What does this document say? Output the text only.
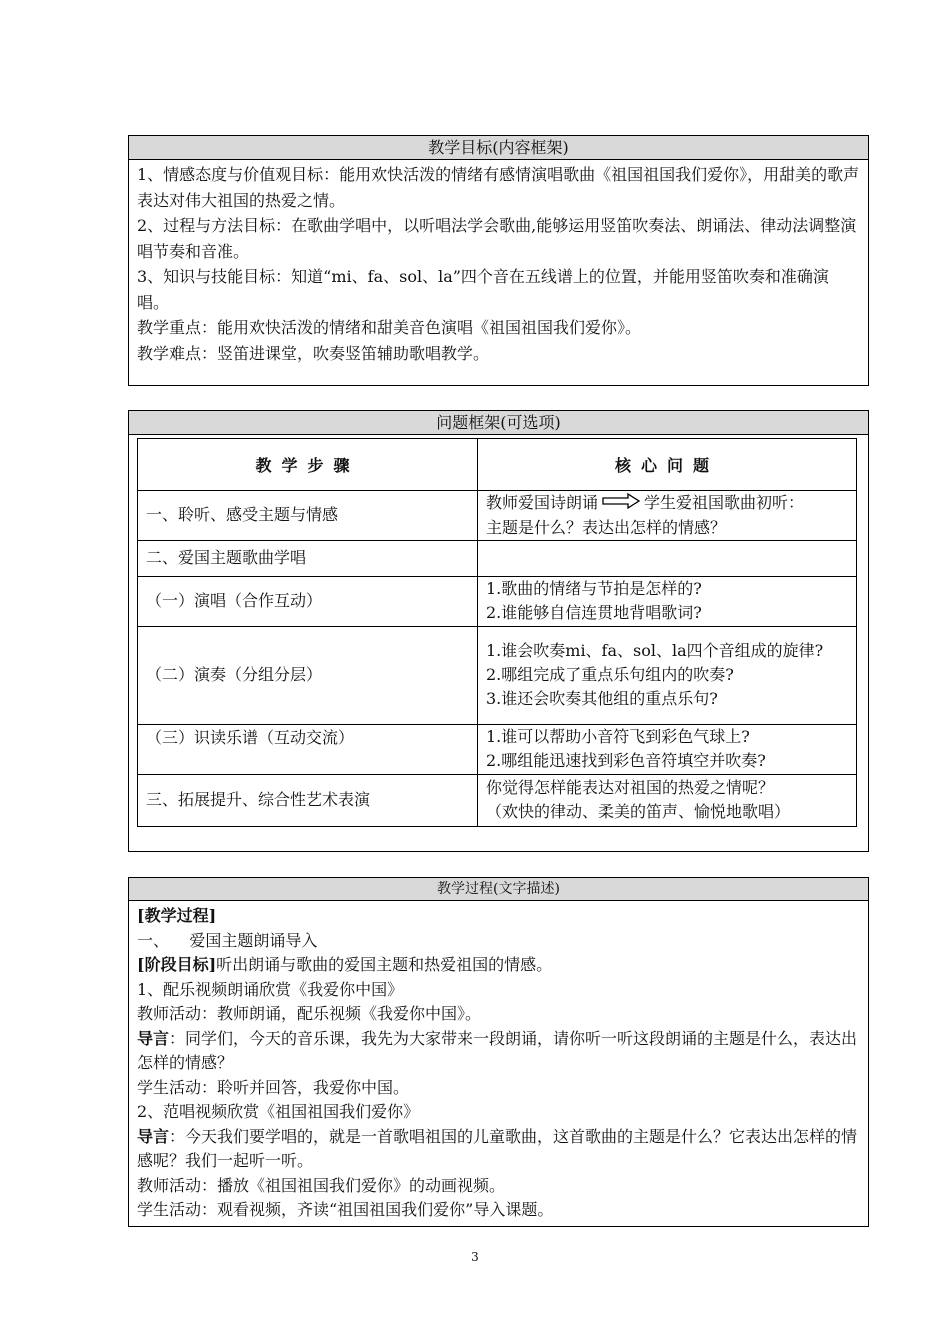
教学目标(内容框架)

1、情感态度与价值观目标：能用欢快活泼的情绪有感情演唱歌曲《祖国祖国我们爱你》，用甜美的歌声表达对伟大祖国的热爱之情。

2、过程与方法目标：在歌曲学唱中，以听唱法学会歌曲,能够运用竖笛吹奏法、朗诵法、律动法调整演唱节奏和音准。

3、知识与技能目标：知道“mi、fa、sol、la”四个音在五线谱上的位置，并能用竖笛吹奏和准确演唱。

教学重点：能用欢快活泼的情绪和甜美音色演唱《祖国祖国我们爱你》。

教学难点：竖笛进课堂，吹奏竖笛辅助歌唱教学。

问题框架(可选项)
教学步骤	核心问题
一、聆听、感受主题与情感	教师爱国诗朗诵 学生爱祖国歌曲初听：
主题是什么？表达出怎样的情感？
二、爱国主题歌曲学唱	
（一）演唱（合作互动）	1.歌曲的情绪与节拍是怎样的?
2.谁能够自信连贯地背唱歌词?
（二）演奏（分组分层）	1.谁会吹奏mi、fa、sol、la四个音组成的旋律?
2.哪组完成了重点乐句组内的吹奏?
3.谁还会吹奏其他组的重点乐句?
（三）识读乐谱（互动交流）	1.谁可以帮助小音符飞到彩色气球上?
2.哪组能迅速找到彩色音符填空并吹奏?
三、拓展提升、综合性艺术表演	你觉得怎样能表达对祖国的热爱之情呢？
（欢快的律动、柔美的笛声、愉悦地歌唱）
教学过程(文字描述)

[教学过程]

一、    爱国主题朗诵导入

[阶段目标]听出朗诵与歌曲的爱国主题和热爱祖国的情感。

1、配乐视频朗诵欣赏《我爱你中国》

教师活动：教师朗诵，配乐视频《我爱你中国》。

导言：同学们，今天的音乐课，我先为大家带来一段朗诵，请你听一听这段朗诵的主题是什么，表达出怎样的情感？

学生活动：聆听并回答，我爱你中国。

2、范唱视频欣赏《祖国祖国我们爱你》

导言：今天我们要学唱的，就是一首歌唱祖国的儿童歌曲，这首歌曲的主题是什么？它表达出怎样的情感呢？我们一起听一听。

教师活动：播放《祖国祖国我们爱你》的动画视频。

学生活动：观看视频，齐读“祖国祖国我们爱你”导入课题。

3
